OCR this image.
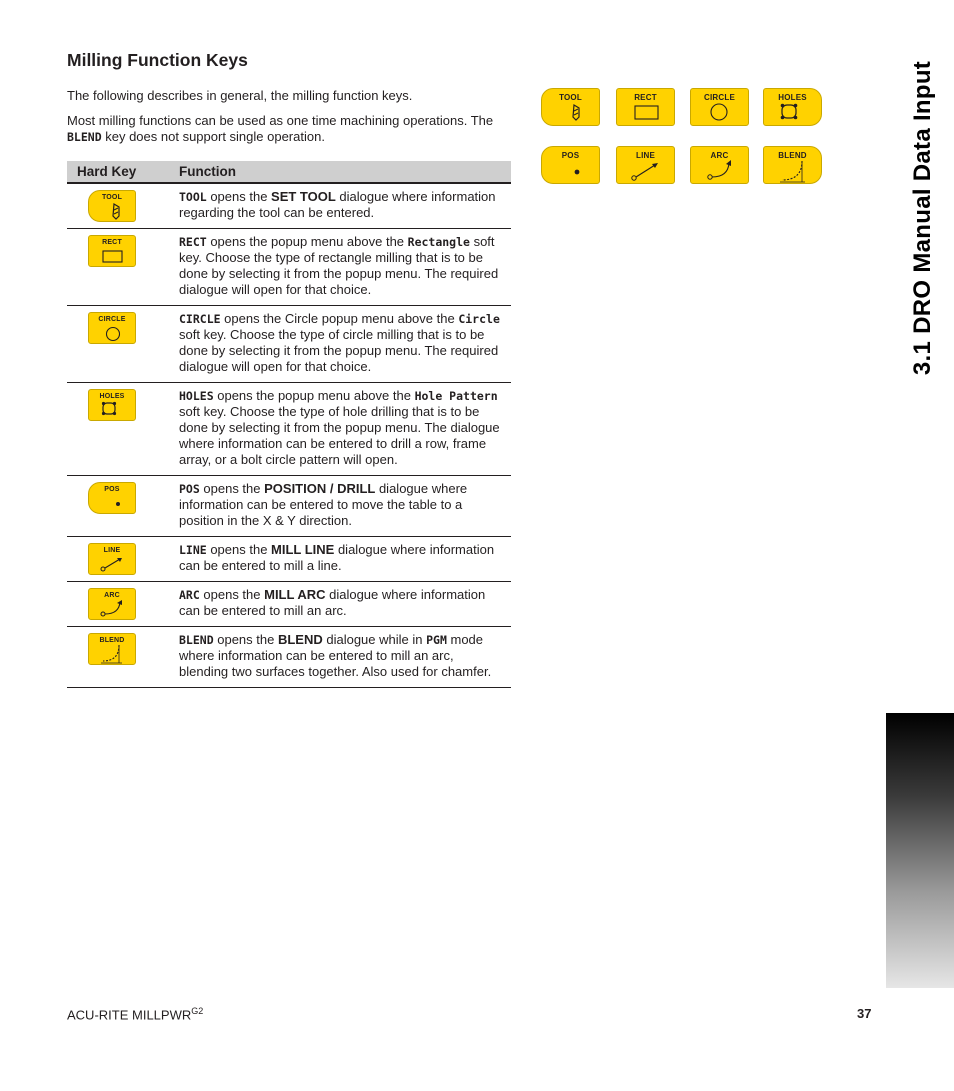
Milling Function Keys

The following describes in general, the milling function keys.

Most milling functions can be used as one time machining operations. The BLEND key does not support single operation.

Hard Key	Function

TOOL	TOOL opens the SET TOOL dialogue where information regarding the tool can be entered.

RECT	RECT opens the popup menu above the Rectangle soft key. Choose the type of rectangle milling that is to be done by selecting it from the popup menu. The required dialogue will open for that choice.

CIRCLE	CIRCLE opens the Circle popup menu above the Circle soft key. Choose the type of circle milling that is to be done by selecting it from the popup menu. The required dialogue will open for that choice.

HOLES	HOLES opens the popup menu above the Hole Pattern soft key. Choose the type of hole drilling that is to be done by selecting it from the popup menu. The dialogue where information can be entered to drill a row, frame array, or a bolt circle pattern will open.

POS	POS opens the POSITION / DRILL dialogue where information can be entered to move the table to a position in the X & Y direction.

LINE	LINE opens the MILL LINE dialogue where information can be entered to mill a line.

ARC	ARC opens the MILL ARC dialogue where information can be entered to mill an arc.

BLEND	BLEND opens the BLEND dialogue while in PGM mode where information can be entered to mill an arc, blending two surfaces together. Also used for chamfer.
TOOL	RECT	CIRCLE	HOLES
POS	LINE	ARC	BLEND	3.1 DRO Manual Data Input
ACU-RITE $MILLPWR^{G2}$	37
